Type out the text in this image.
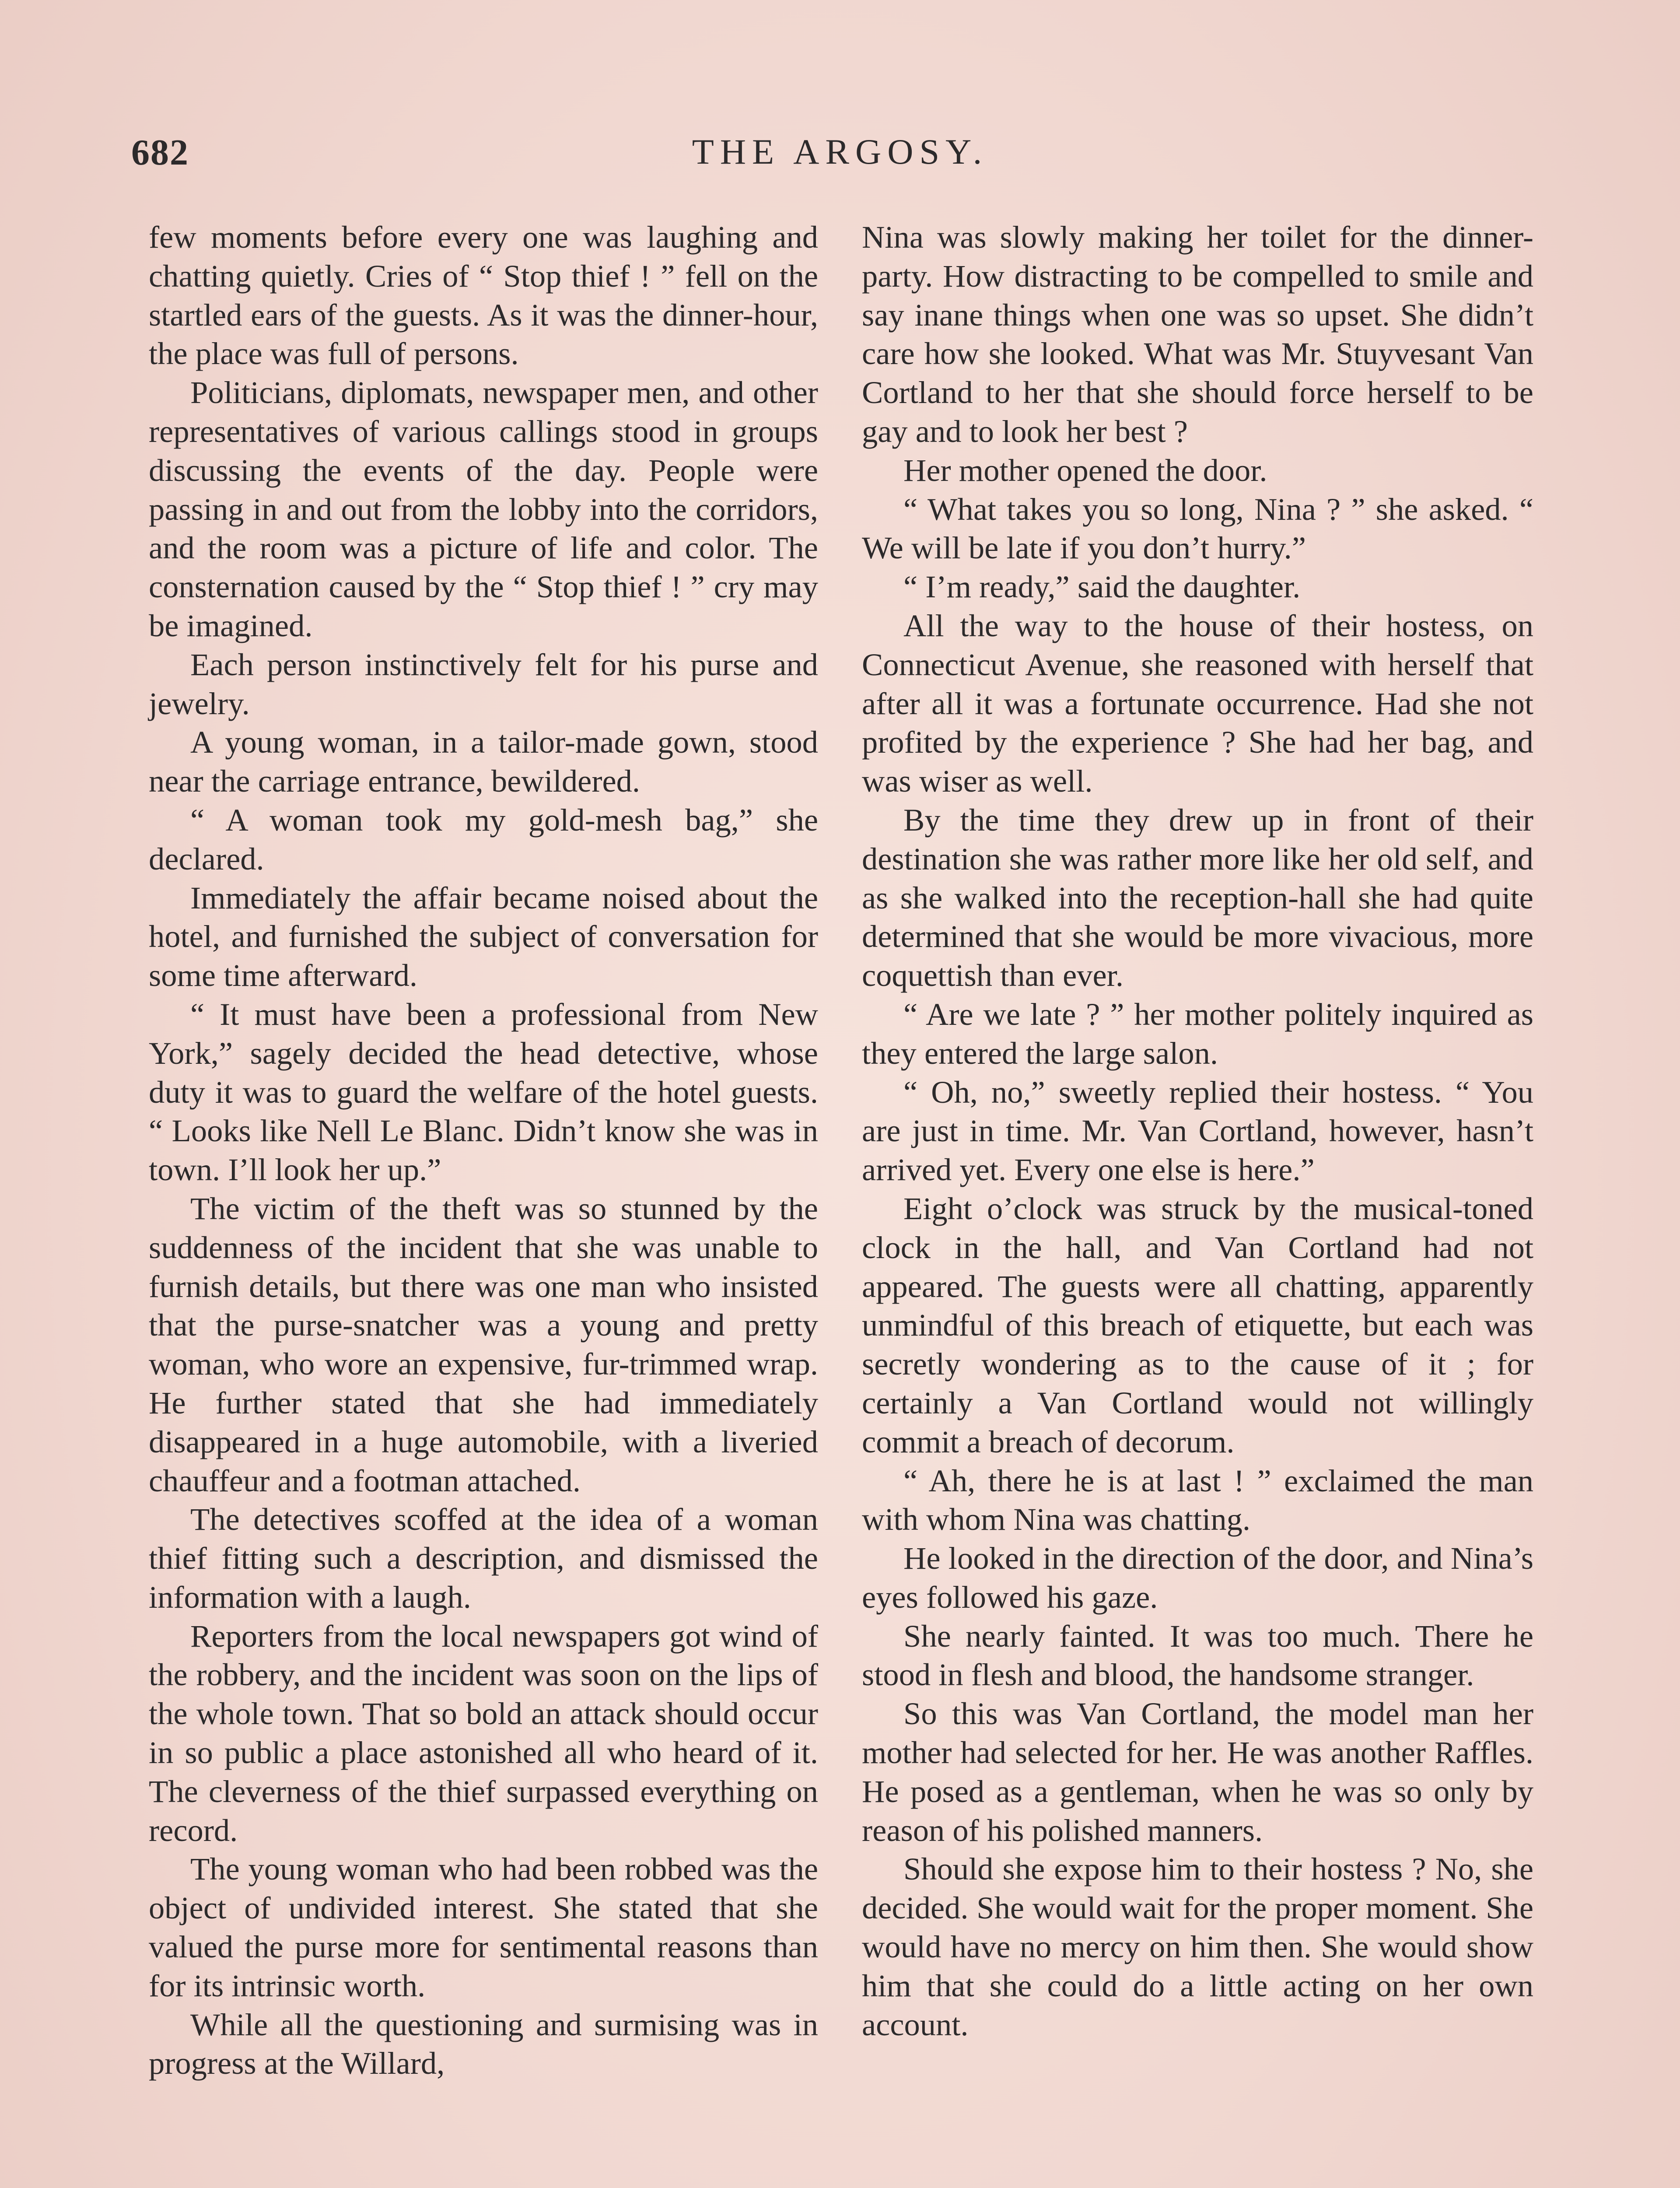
682	THE ARGOSY.

few moments before every one was laughing and chatting quietly. Cries of “ Stop thief ! ” fell on the startled ears of the guests. As it was the dinner-hour, the place was full of persons.

Politicians, diplomats, newspaper men, and other representatives of various callings stood in groups discussing the events of the day. People were passing in and out from the lobby into the corridors, and the room was a picture of life and color. The consternation caused by the “ Stop thief ! ” cry may be imagined.

Each person instinctively felt for his purse and jewelry.

A young woman, in a tailor-made gown, stood near the carriage entrance, bewildered.

“ A woman took my gold-mesh bag,” she declared.

Immediately the affair became noised about the hotel, and furnished the subject of conversation for some time afterward.

“ It must have been a professional from New York,” sagely decided the head detective, whose duty it was to guard the welfare of the hotel guests. “ Looks like Nell Le Blanc. Didn’t know she was in town. I’ll look her up.”

The victim of the theft was so stunned by the suddenness of the incident that she was unable to furnish details, but there was one man who insisted that the purse-snatcher was a young and pretty woman, who wore an expensive, fur-trimmed wrap. He further stated that she had immediately disappeared in a huge automobile, with a liveried chauffeur and a footman attached.

The detectives scoffed at the idea of a woman thief fitting such a description, and dismissed the information with a laugh.

Reporters from the local newspapers got wind of the robbery, and the incident was soon on the lips of the whole town. That so bold an attack should occur in so public a place astonished all who heard of it. The cleverness of the thief surpassed everything on record.

The young woman who had been robbed was the object of undivided interest. She stated that she valued the purse more for sentimental reasons than for its intrinsic worth.

While all the questioning and surmising was in progress at the Willard,

Nina was slowly making her toilet for the dinner-party. How distracting to be compelled to smile and say inane things when one was so upset. She didn’t care how she looked. What was Mr. Stuyvesant Van Cortland to her that she should force herself to be gay and to look her best ?

Her mother opened the door.

“ What takes you so long, Nina ? ” she asked. “ We will be late if you don’t hurry.”

“ I’m ready,” said the daughter.

All the way to the house of their hostess, on Connecticut Avenue, she reasoned with herself that after all it was a fortunate occurrence. Had she not profited by the experience ? She had her bag, and was wiser as well.

By the time they drew up in front of their destination she was rather more like her old self, and as she walked into the reception-hall she had quite determined that she would be more vivacious, more coquettish than ever.

“ Are we late ? ” her mother politely inquired as they entered the large salon.

“ Oh, no,” sweetly replied their hostess. “ You are just in time. Mr. Van Cortland, however, hasn’t arrived yet. Every one else is here.”

Eight o’clock was struck by the musical-toned clock in the hall, and Van Cortland had not appeared. The guests were all chatting, apparently unmindful of this breach of etiquette, but each was secretly wondering as to the cause of it ; for certainly a Van Cortland would not willingly commit a breach of decorum.

“ Ah, there he is at last ! ” exclaimed the man with whom Nina was chatting.

He looked in the direction of the door, and Nina’s eyes followed his gaze.

She nearly fainted. It was too much. There he stood in flesh and blood, the handsome stranger.

So this was Van Cortland, the model man her mother had selected for her. He was another Raffles. He posed as a gentleman, when he was so only by reason of his polished manners.

Should she expose him to their hostess ? No, she decided. She would wait for the proper moment. She would have no mercy on him then. She would show him that she could do a little acting on her own account.
